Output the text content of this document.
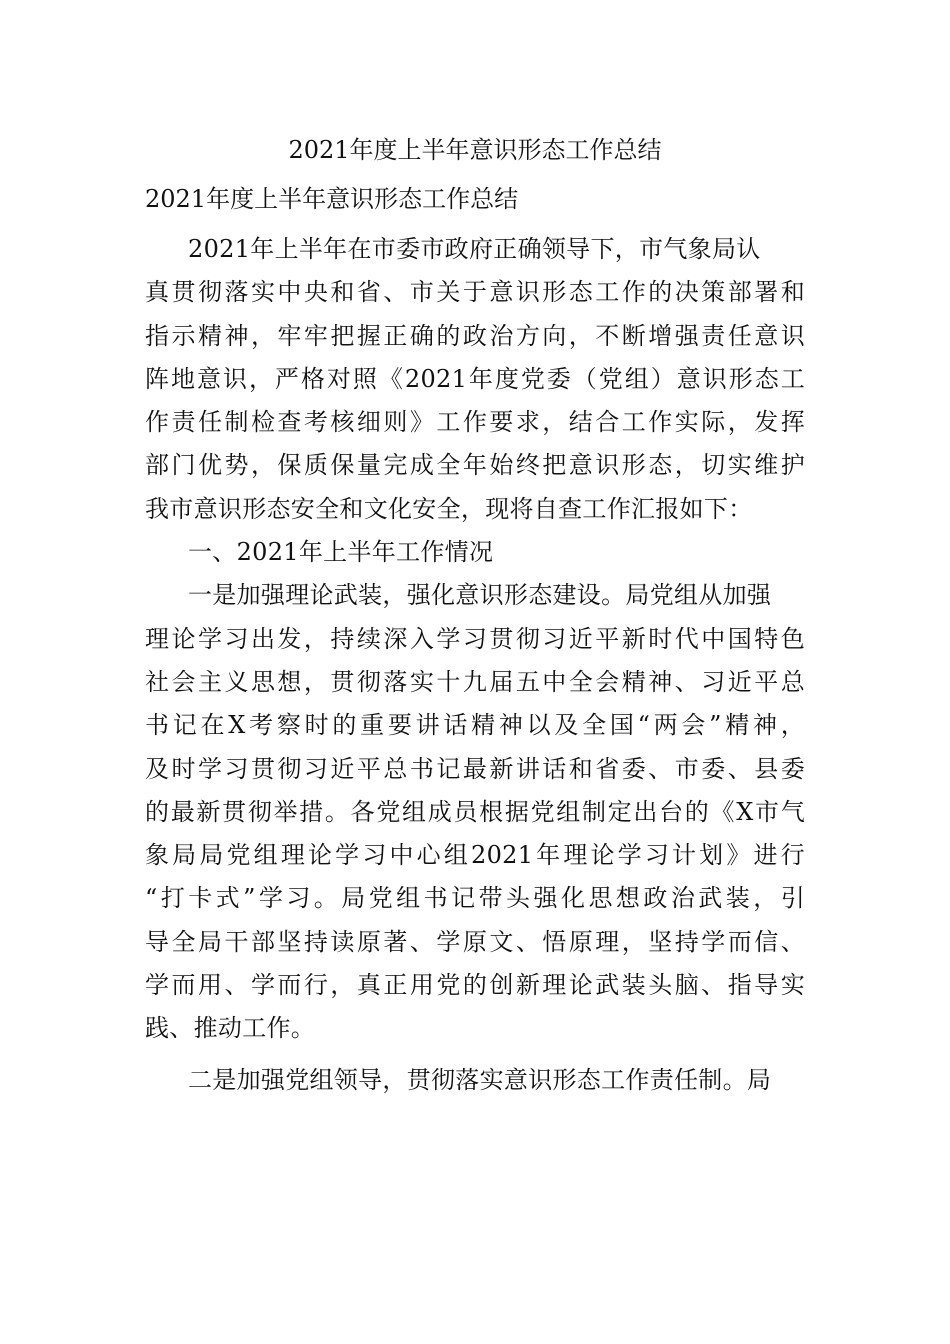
2021年度上半年意识形态工作总结
2021年度上半年意识形态工作总结
2021年上半年在市委市政府正确领导下，市气象局认
真贯彻落实中央和省、市关于意识形态工作的决策部署和
指示精神，牢牢把握正确的政治方向，不断增强责任意识
阵地意识，严格对照《2021年度党委（党组）意识形态工
作责任制检查考核细则》工作要求，结合工作实际，发挥
部门优势，保质保量完成全年始终把意识形态，切实维护
我市意识形态安全和文化安全，现将自查工作汇报如下：
一、2021年上半年工作情况
一是加强理论武装，强化意识形态建设。局党组从加强
理论学习出发，持续深入学习贯彻习近平新时代中国特色
社会主义思想，贯彻落实十九届五中全会精神、习近平总
书记在X考察时的重要讲话精神以及全国“两会”精神，
及时学习贯彻习近平总书记最新讲话和省委、市委、县委
的最新贯彻举措。各党组成员根据党组制定出台的《X市气
象局局党组理论学习中心组2021年理论学习计划》进行
“打卡式”学习。局党组书记带头强化思想政治武装，引
导全局干部坚持读原著、学原文、悟原理，坚持学而信、
学而用、学而行，真正用党的创新理论武装头脑、指导实
践、推动工作。
二是加强党组领导，贯彻落实意识形态工作责任制。局
